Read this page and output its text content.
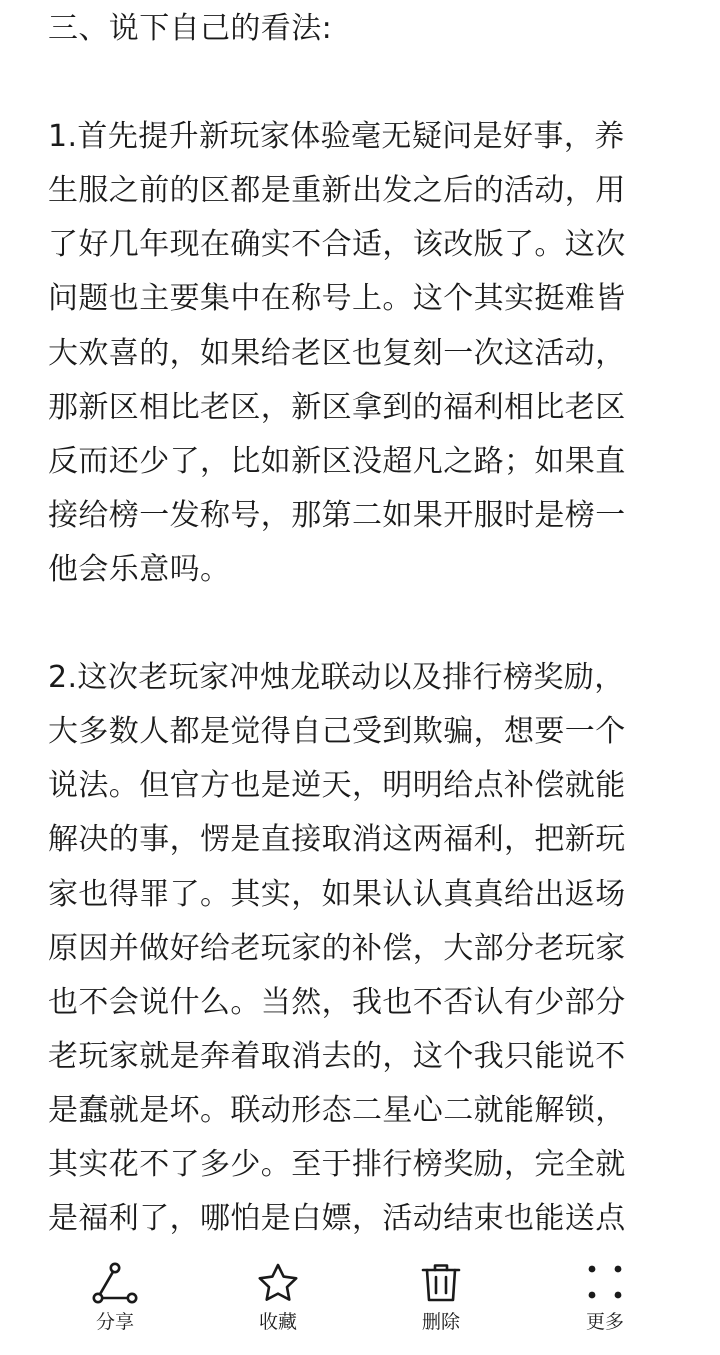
三、说下自己的看法:
1.首先提升新玩家体验毫无疑问是好事，养
生服之前的区都是重新出发之后的活动，用
了好几年现在确实不合适，该改版了。这次
问题也主要集中在称号上。这个其实挺难皆
大欢喜的，如果给老区也复刻一次这活动，
那新区相比老区，新区拿到的福利相比老区
反而还少了，比如新区没超凡之路；如果直
接给榜一发称号，那第二如果开服时是榜一
他会乐意吗。
2.这次老玩家冲烛龙联动以及排行榜奖励，
大多数人都是觉得自己受到欺骗，想要一个
说法。但官方也是逆天，明明给点补偿就能
解决的事，愣是直接取消这两福利，把新玩
家也得罪了。其实，如果认认真真给出返场
原因并做好给老玩家的补偿，大部分老玩家
也不会说什么。当然，我也不否认有少部分
老玩家就是奔着取消去的，这个我只能说不
是蠢就是坏。联动形态二星心二就能解锁，
其实花不了多少。至于排行榜奖励，完全就
是福利了，哪怕是白嫖，活动结束也能送点
分享	收藏	删除	更多
